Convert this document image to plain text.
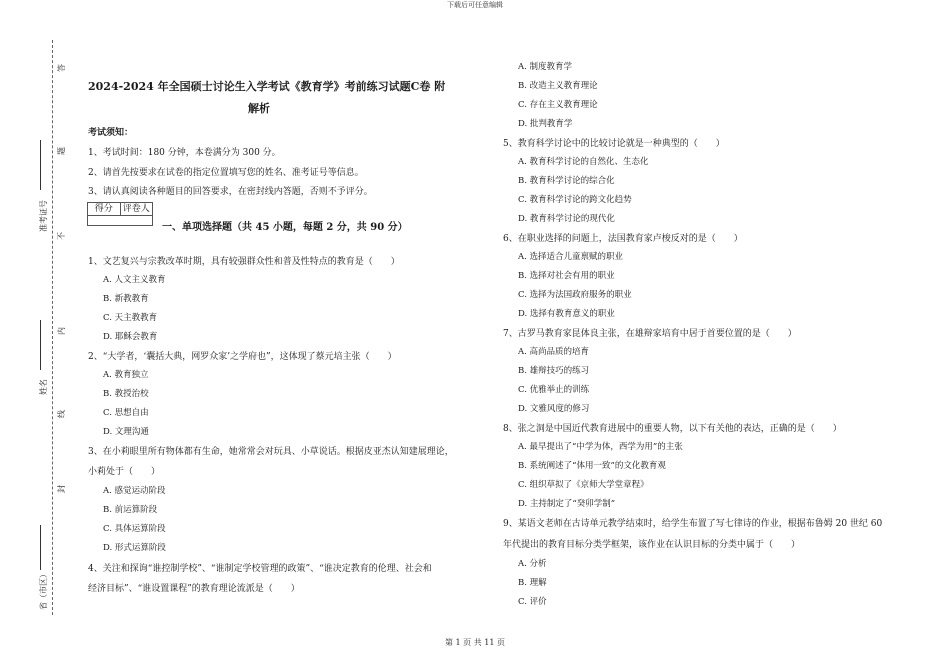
下载后可任意编辑
第 1 页 共 11 页
准考证号
姓名
省（市区）
答
题
不
内
线
封
2024-2024 年全国硕士讨论生入学考试《教育学》考前练习试题C卷 附
解析
考试须知：
1、考试时间：180 分钟，本卷满分为 300 分。
2、请首先按要求在试卷的指定位置填写您的姓名、准考证号等信息。
3、请认真阅读各种题目的回答要求，在密封线内答题，否则不予评分。
得分	评卷人
一、单项选择题（共 45 小题，每题 2 分，共 90 分）
1、文艺复兴与宗教改革时期，具有较强群众性和普及性特点的教育是（　　）
A. 人文主义教育
B. 新教教育
C. 天主教教育
D. 耶稣会教育
2、“大学者，‘囊括大典，网罗众家’之学府也”，这体现了蔡元培主张（　　）
A. 教育独立
B. 教授治校
C. 思想自由
D. 文理沟通
3、在小莉眼里所有物体都有生命，她常常会对玩具、小草说话。根据皮亚杰认知建展理论，
小莉处于（　　）
A. 感觉运动阶段
B. 前运算阶段
C. 具体运算阶段
D. 形式运算阶段
4、关注和探询“谁控制学校”、“谁制定学校管理的政策”、“谁决定教育的伦理、社会和
经济目标”、“谁设置课程”的教育理论流派是（　　）
A. 制度教育学
B. 改造主义教育理论
C. 存在主义教育理论
D. 批判教育学
5、教育科学讨论中的比较讨论就是一种典型的（　　）
A. 教育科学讨论的自然化、生态化
B. 教育科学讨论的综合化
C. 教育科学讨论的跨文化趋势
D. 教育科学讨论的现代化
6、在职业选择的问题上，法国教育家卢梭反对的是（　　）
A. 选择适合儿童禀赋的职业
B. 选择对社会有用的职业
C. 选择为法国政府服务的职业
D. 选择有教育意义的职业
7、古罗马教育家昆体良主张，在雄辩家培育中居于首要位置的是（　　）
A. 高尚品质的培育
B. 雄辩技巧的练习
C. 优雅举止的训练
D. 文雅风度的修习
8、张之洞是中国近代教育进展中的重要人物，以下有关他的表达，正确的是（　　）
A. 最早提出了“中学为体，西学为用”的主张
B. 系统阐述了“体用一致”的文化教育观
C. 组织草拟了《京师大学堂章程》
D. 主持制定了“癸卯学制”
9、某语文老师在古诗单元教学结束时，给学生布置了写七律诗的作业，根据布鲁姆 20 世纪 60
年代提出的教育目标分类学框架，该作业在认识目标的分类中属于（　　）
A. 分析
B. 理解
C. 评价
